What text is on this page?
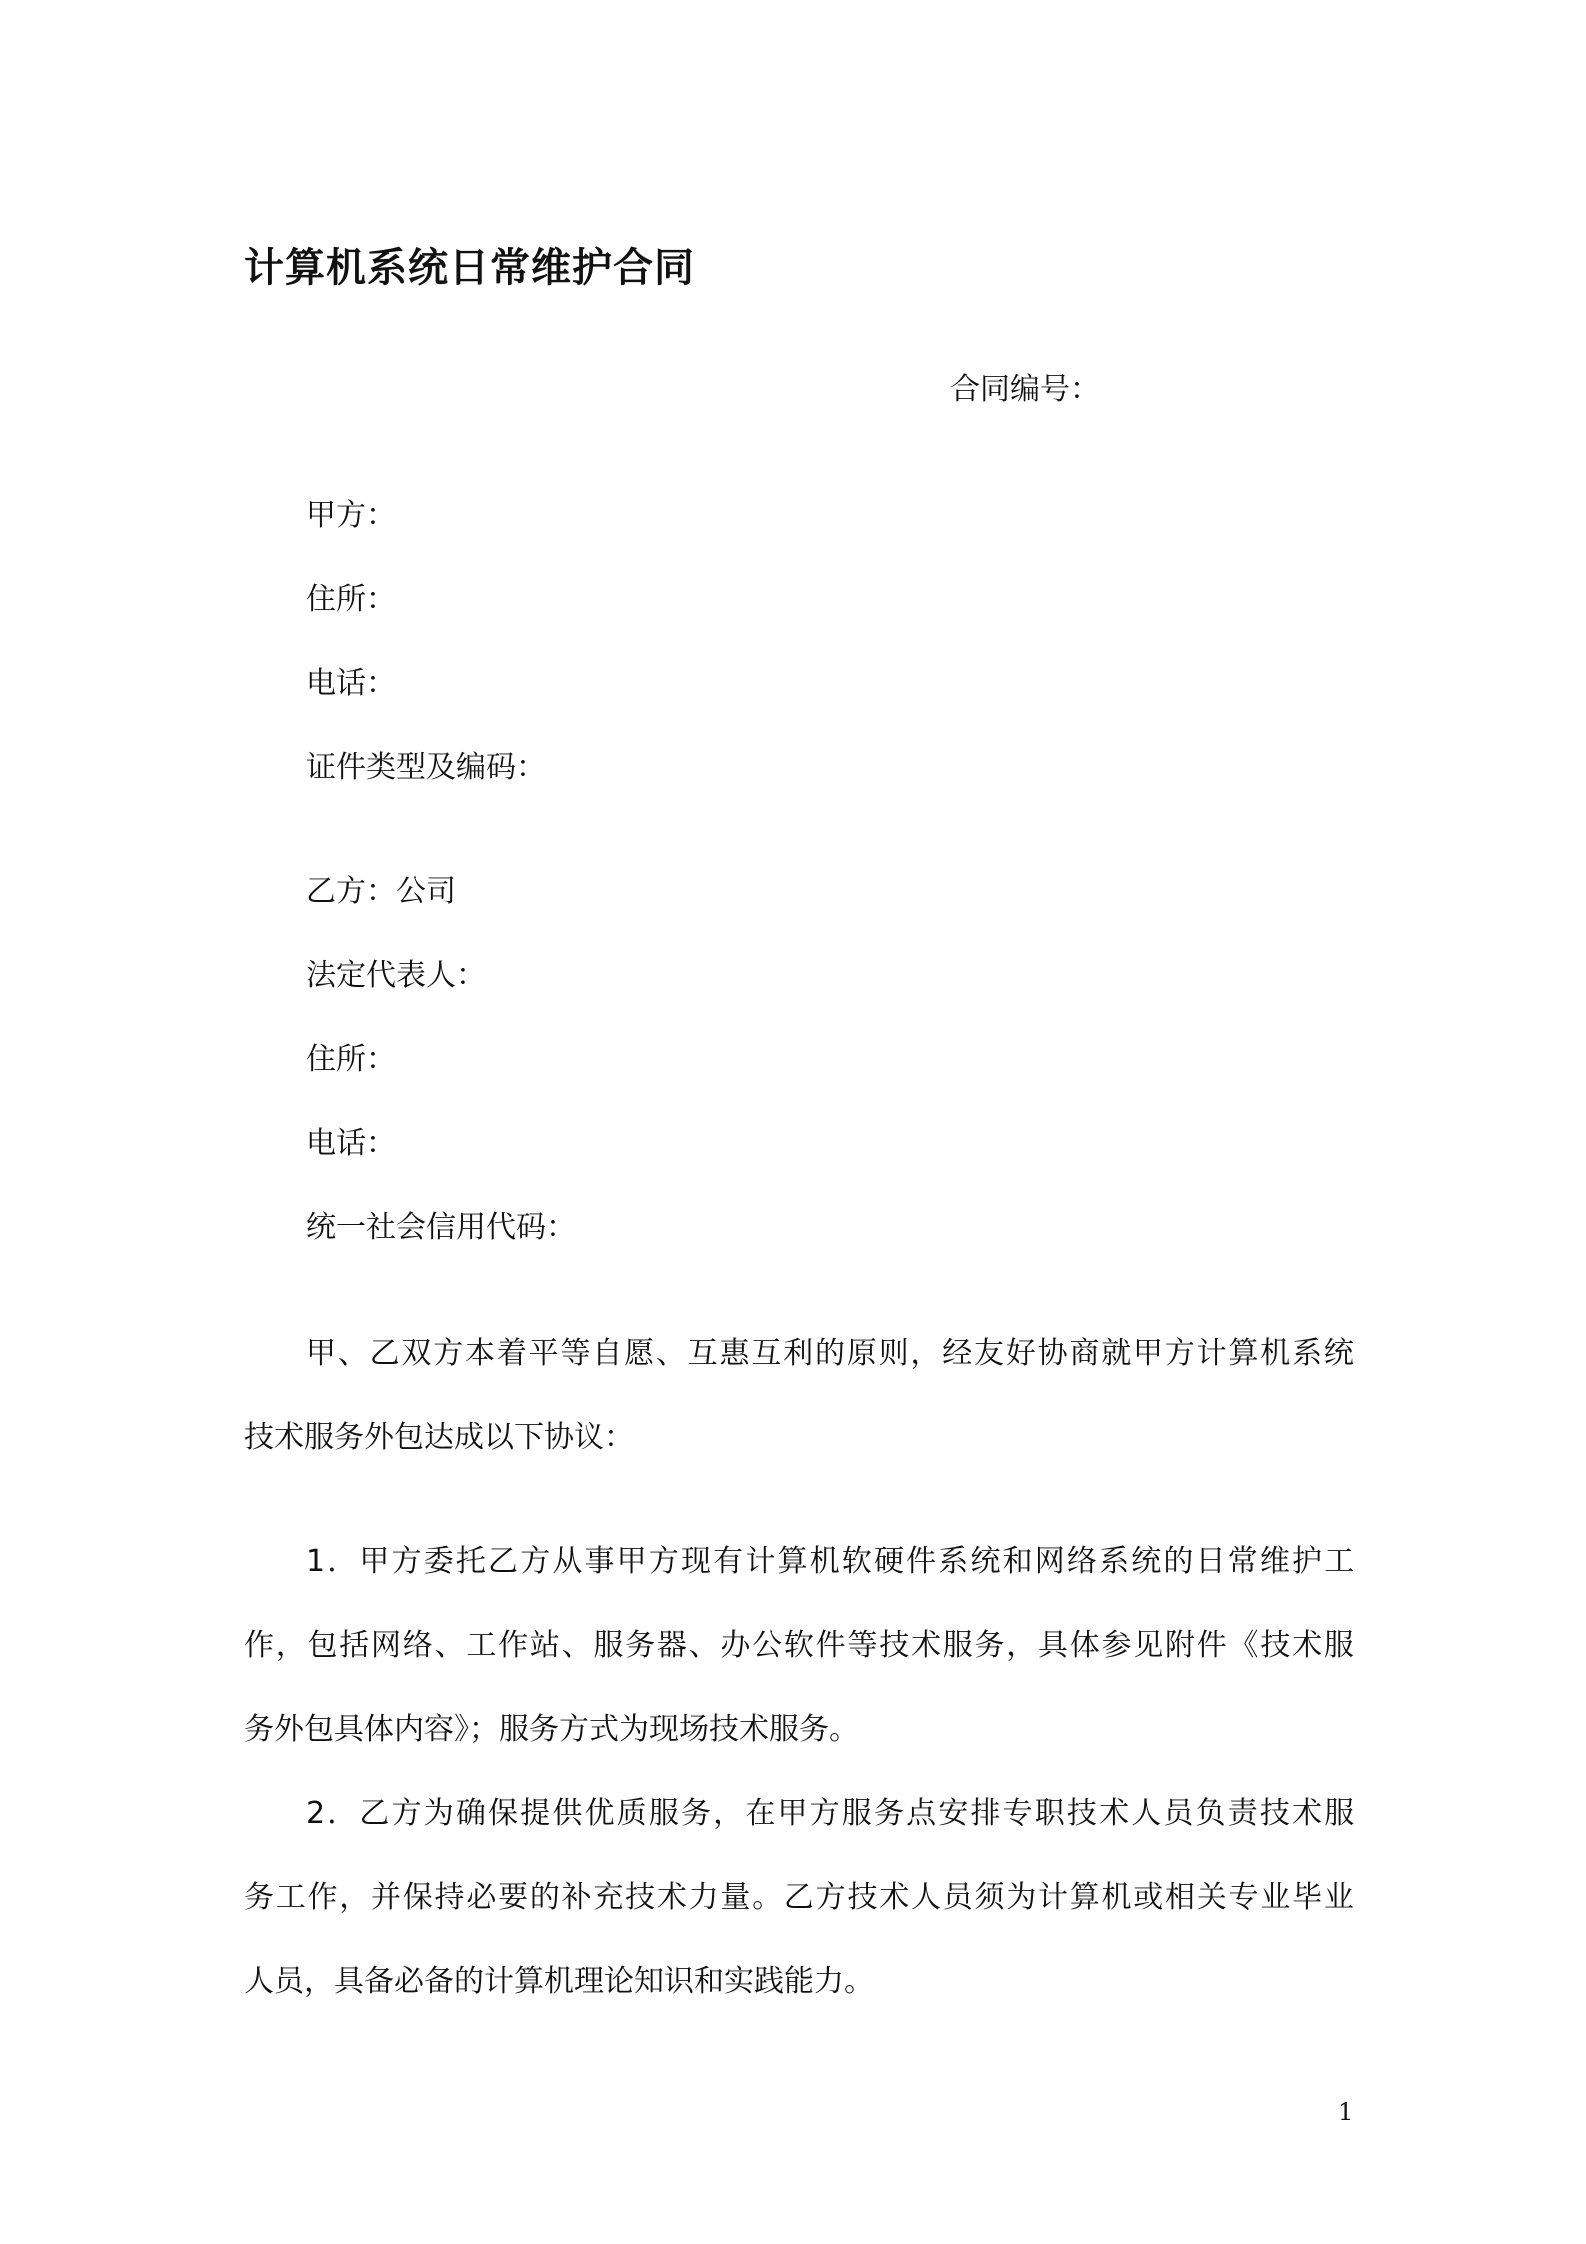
计算机系统日常维护合同
合同编号：
甲方：
住所：
电话：
证件类型及编码：
乙方：公司
法定代表人：
住所：
电话：
统一社会信用代码：
甲、乙双方本着平等自愿、互惠互利的原则，经友好协商就甲方计算机系统
技术服务外包达成以下协议：
1．甲方委托乙方从事甲方现有计算机软硬件系统和网络系统的日常维护工
作，包括网络、工作站、服务器、办公软件等技术服务，具体参见附件《技术服
务外包具体内容》；服务方式为现场技术服务。
2．乙方为确保提供优质服务，在甲方服务点安排专职技术人员负责技术服
务工作，并保持必要的补充技术力量。乙方技术人员须为计算机或相关专业毕业
人员，具备必备的计算机理论知识和实践能力。
1
